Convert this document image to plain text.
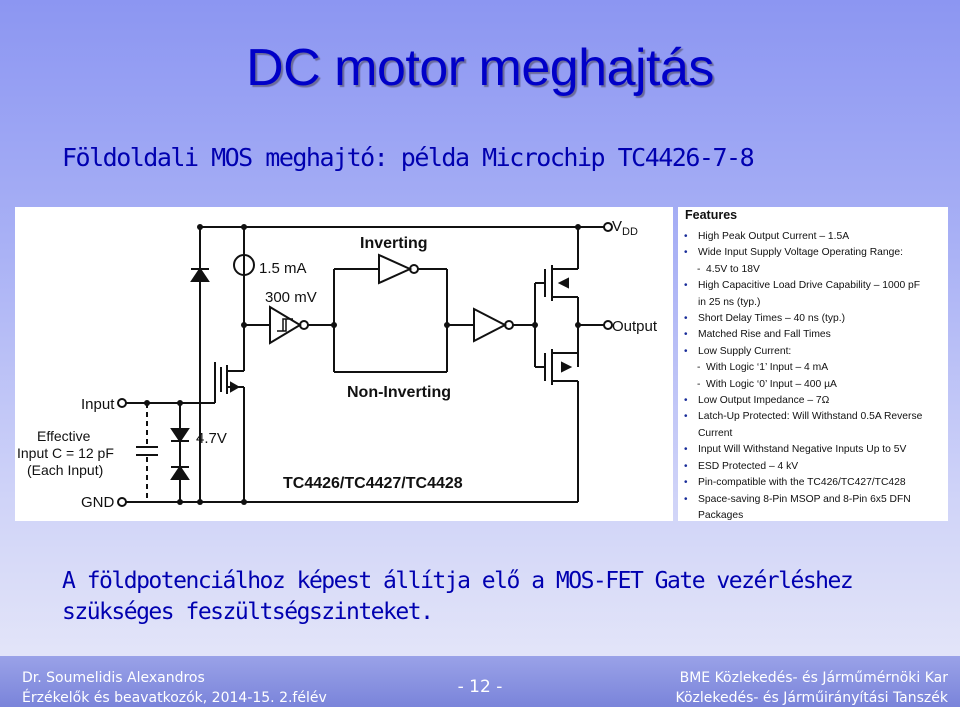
DC motor meghajtás
Földoldali MOS meghajtó: példa Microchip TC4426-7-8
1.5 mA
300 mV
Inverting
Non-Inverting
Input
Effective
Input C = 12 pF
(Each Input)
GND
4.7V
Output
$V_{DD}$
TC4426/TC4427/TC4428
Features
• High Peak Output Current – 1.5A
• Wide Input Supply Voltage Operating Range:
- 4.5V to 18V
• High Capacitive Load Drive Capability – 1000 pF
in 25 ns (typ.)
• Short Delay Times – 40 ns (typ.)
• Matched Rise and Fall Times
• Low Supply Current:
- With Logic ‘1’ Input – 4 mA
- With Logic ‘0’ Input – 400 µA
• Low Output Impedance – 7Ω
• Latch-Up Protected: Will Withstand 0.5A Reverse
Current
• Input Will Withstand Negative Inputs Up to 5V
• ESD Protected – 4 kV
• Pin-compatible with the TC426/TC427/TC428
• Space-saving 8-Pin MSOP and 8-Pin 6x5 DFN
Packages
A földpotenciálhoz képest állítja elő a MOS-FET Gate vezérléshez
szükséges feszültségszinteket.
Dr. Soumelidis Alexandros
Érzékelők és beavatkozók, 2014-15. 2.félév
- 12 -	BME Közlekedés- és Járműmérnöki Kar
Közlekedés- és Járműirányítási Tanszék
